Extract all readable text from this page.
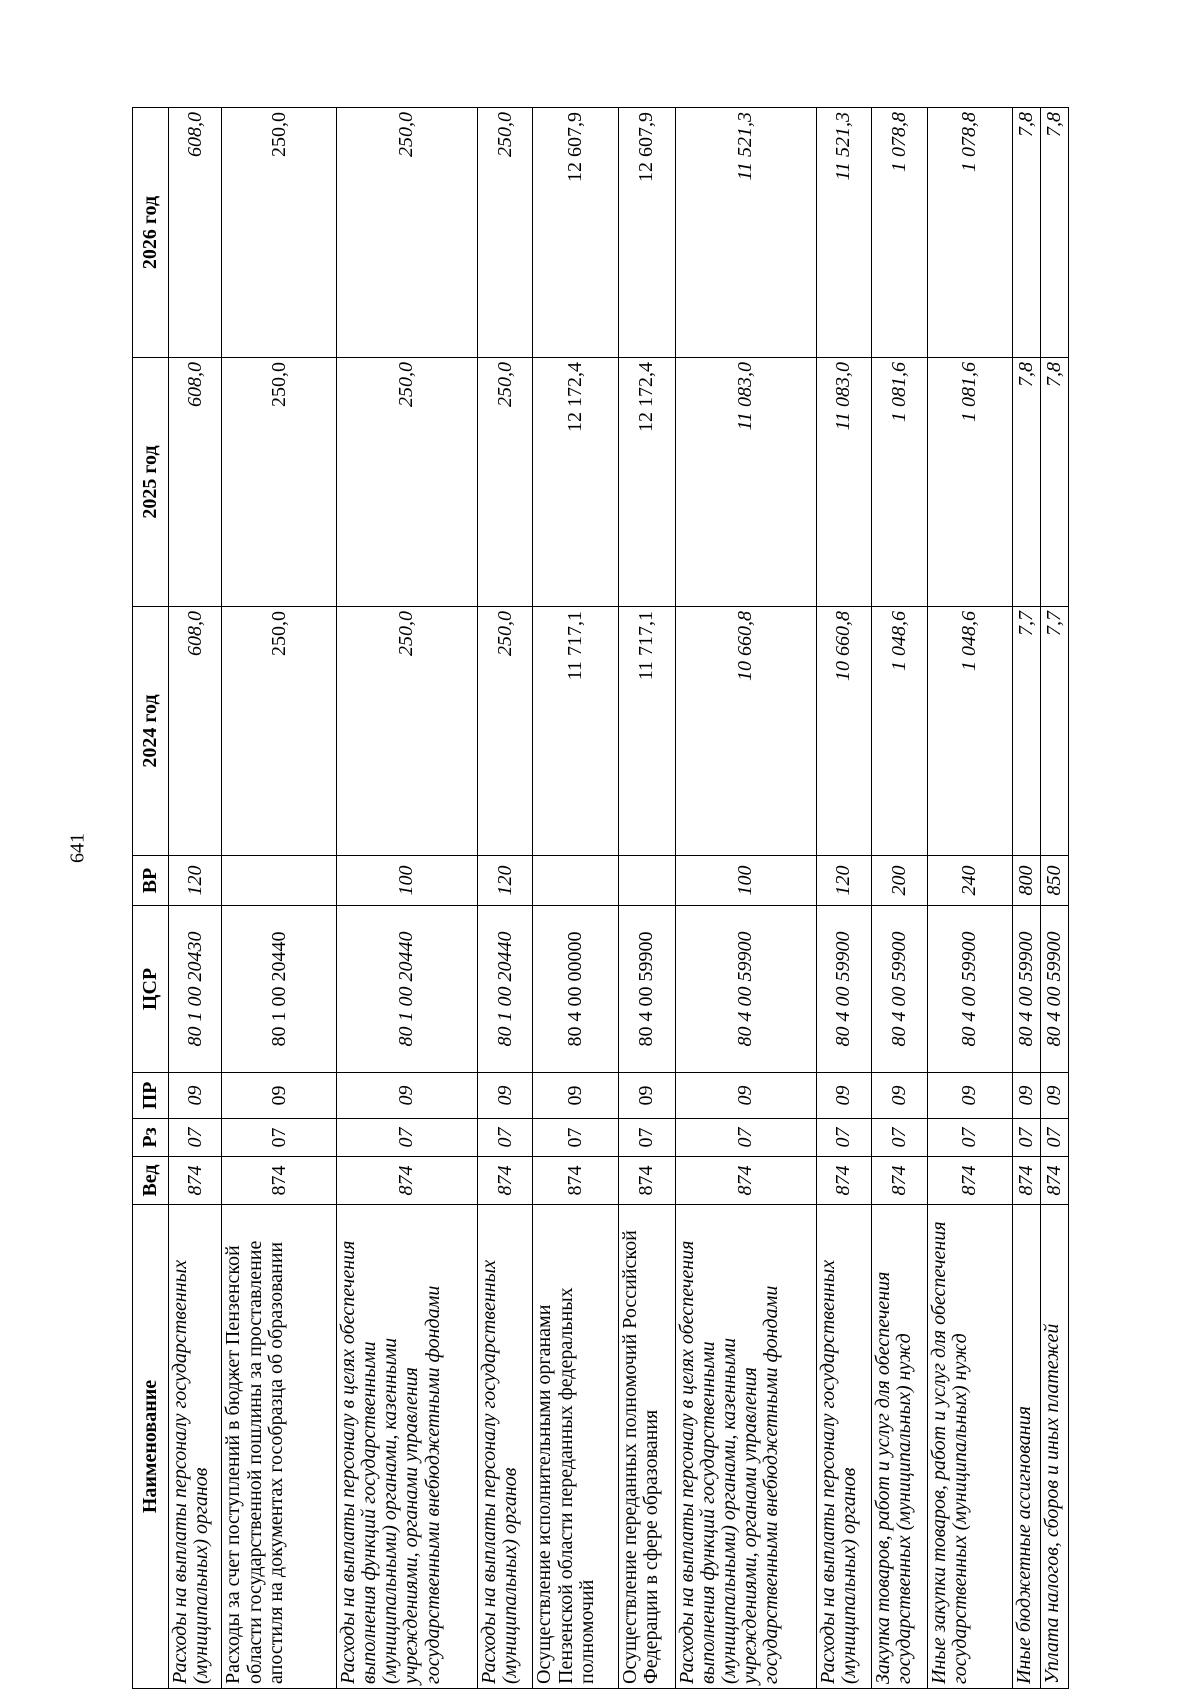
641
Наименование	Вед	Рз	ПР	ЦСР	ВР	2024 год	2025 год	2026 год
Расходы на выплаты персоналу государственных (муниципальных) органов	874	07	09	80 1 00 20430	120	608,0	608,0	608,0
Расходы за счет поступлений в бюджет Пензенской области государственной пошлины за проставление апостиля на документах гособразца об образовании	874	07	09	80 1 00 20440		250,0	250,0	250,0
Расходы на выплаты персоналу в целях обеспечения выполнения функций государственными (муниципальными) органами, казенными учреждениями, органами управления государственными внебюджетными фондами	874	07	09	80 1 00 20440	100	250,0	250,0	250,0
Расходы на выплаты персоналу государственных (муниципальных) органов	874	07	09	80 1 00 20440	120	250,0	250,0	250,0
Осуществление исполнительными органами Пензенской области переданных федеральных полномочий	874	07	09	80 4 00 00000		11 717,1	12 172,4	12 607,9
Осуществление переданных полномочий Российской Федерации в сфере образования	874	07	09	80 4 00 59900		11 717,1	12 172,4	12 607,9
Расходы на выплаты персоналу в целях обеспечения выполнения функций государственными (муниципальными) органами, казенными учреждениями, органами управления государственными внебюджетными фондами	874	07	09	80 4 00 59900	100	10 660,8	11 083,0	11 521,3
Расходы на выплаты персоналу государственных (муниципальных) органов	874	07	09	80 4 00 59900	120	10 660,8	11 083,0	11 521,3
Закупка товаров, работ и услуг для обеспечения государственных (муниципальных) нужд	874	07	09	80 4 00 59900	200	1 048,6	1 081,6	1 078,8
Иные закупки товаров, работ и услуг для обеспечения государственных (муниципальных) нужд	874	07	09	80 4 00 59900	240	1 048,6	1 081,6	1 078,8
Иные бюджетные ассигнования	874	07	09	80 4 00 59900	800	7,7	7,8	7,8
Уплата налогов, сборов и иных платежей	874	07	09	80 4 00 59900	850	7,7	7,8	7,8
